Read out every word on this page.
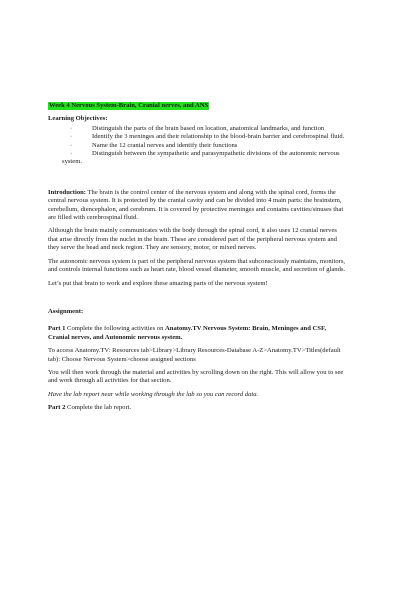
Week 4 Nervous System-Brain, Cranial nerves, and ANS
Learning Objectives:
·	Distinguish the parts of the brain based on location, anatomical landmarks, and function
·	Identify the 3 meninges and their relationship to the blood-brain barrier and cerebrospinal fluid.
·	Name the 12 cranial nerves and identify their functions
·	Distinguish between the sympathetic and parasympathetic divisions of the autonomic nervous system.

Introduction: The brain is the control center of the nervous system and along with the spinal cord, forms the central nervous system. It is protected by the cranial cavity and can be divided into 4 main parts: the brainstem, cerebellum, diencephalon, and cerebrum. It is covered by protective meninges and contains cavities/sinuses that are filled with cerebrospinal fluid.

Although the brain mainly communicates with the body through the spinal cord, it also uses 12 cranial nerves that arise directly from the nuclei in the brain. These are considered part of the peripheral nervous system and they serve the head and neck region. They are sensory, motor, or mixed nerves.

The autonomic nervous system is part of the peripheral nervous system that subconsciously maintains, monitors, and controls internal functions such as heart rate, blood vessel diameter, smooth muscle, and secretion of glands.

Let’s put that brain to work and explore these amazing parts of the nervous system!

Assignment:

Part 1 Complete the following activities on Anatomy.TV Nervous System: Brain, Meninges and CSF, Cranial nerves, and Autonomic nervous system.

To access Anatomy.TV: Resources tab>Library>Library Resources-Database A-Z>Anatomy.TV>Titles(default tab): Choose Nervous System>choose assigned sections

You will then work through the material and activities by scrolling down on the right. This will allow you to see and work through all activities for that section.

Have the lab report near while working through the lab so you can record data.

Part 2 Complete the lab report.
